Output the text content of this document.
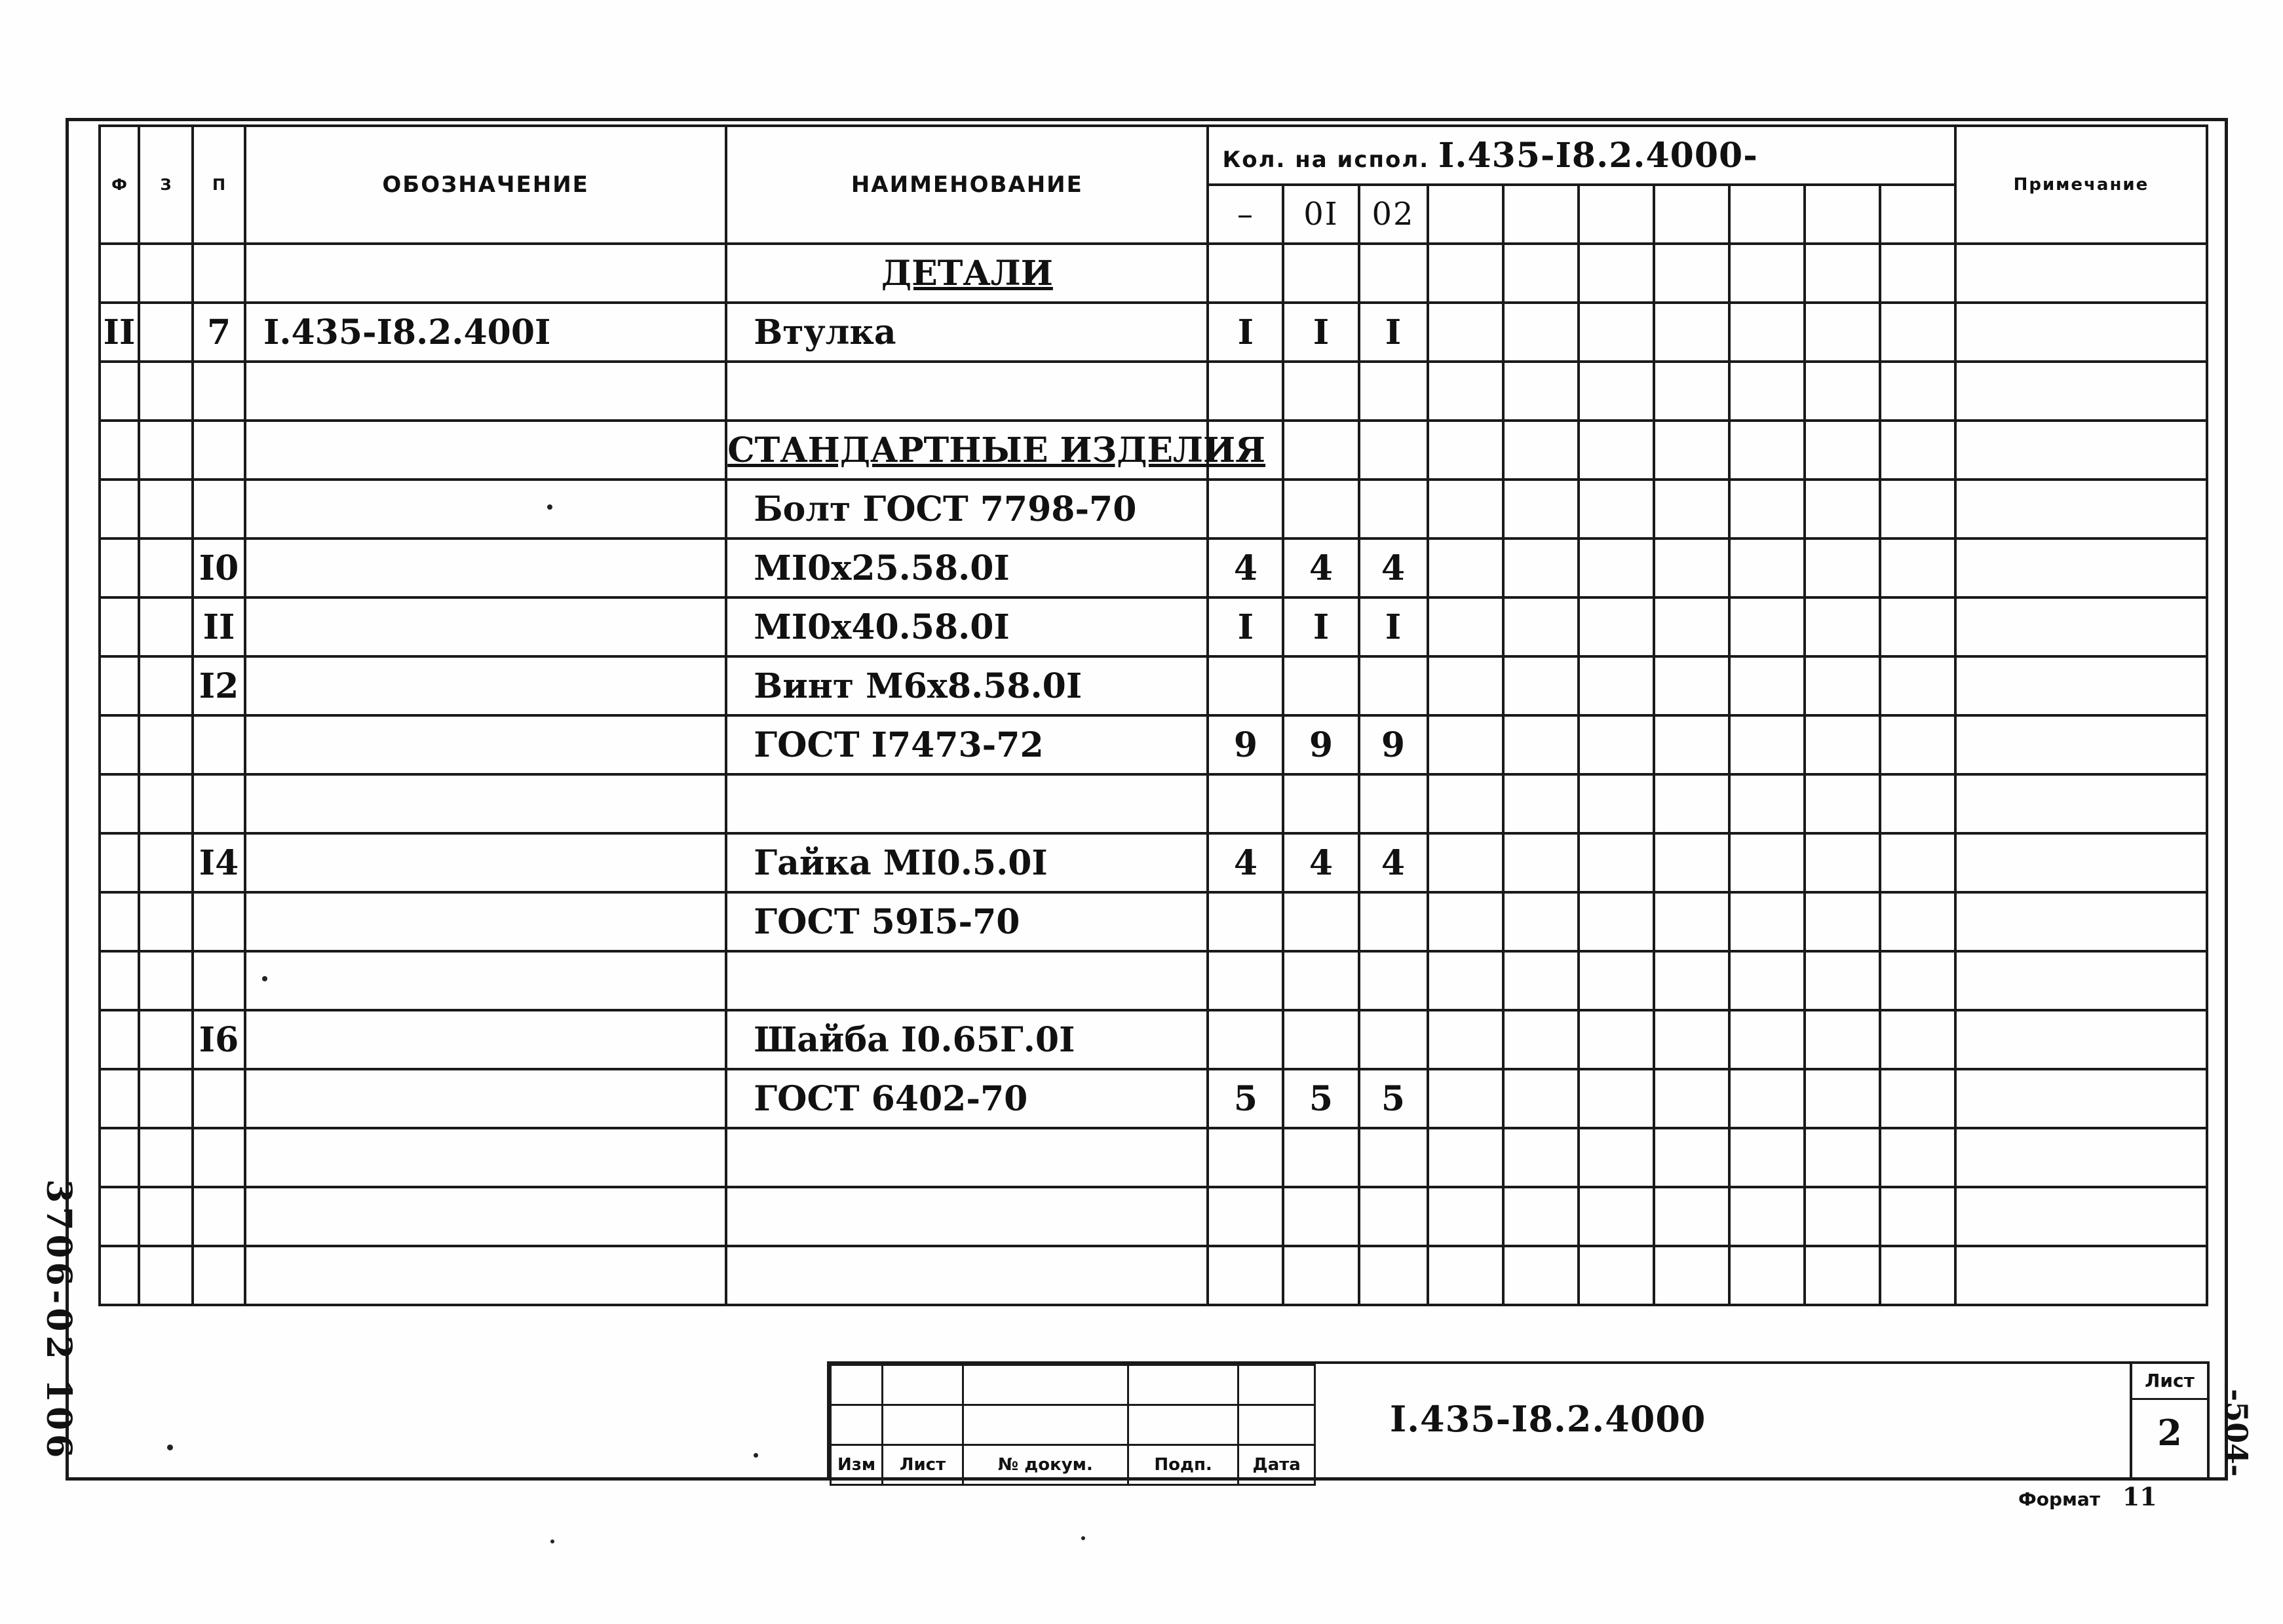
Ф	З	П	ОБОЗНАЧЕНИЕ	НАИМЕНОВАНИЕ	Кол. на испол. I.435-I8.2.4000-										Примечание
					–	0I	02								
				ДЕТАЛИ											
II		7	I.435-I8.2.400I	Втулка	I	I	I								

				СТАНДАРТНЫЕ ИЗДЕЛИЯ											
				Болт ГОСТ 7798-70											
		I0		MI0x25.58.0I	4	4	4								
		II		MI0x40.58.0I	I	I	I								
		I2		Винт М6х8.58.0I											
				ГОСТ I7473-72	9	9	9								

		I4		Гайка MI0.5.0I	4	4	4								
				ГОСТ 59I5-70											

		I6		Шайба I0.65Г.0I											
				ГОСТ 6402-70	5	5	5								

Изм	Лист	№ докум.	Подп.	Дата
I.435-I8.2.4000
Лист
2
Формат 11
3706-02 106	-504-
